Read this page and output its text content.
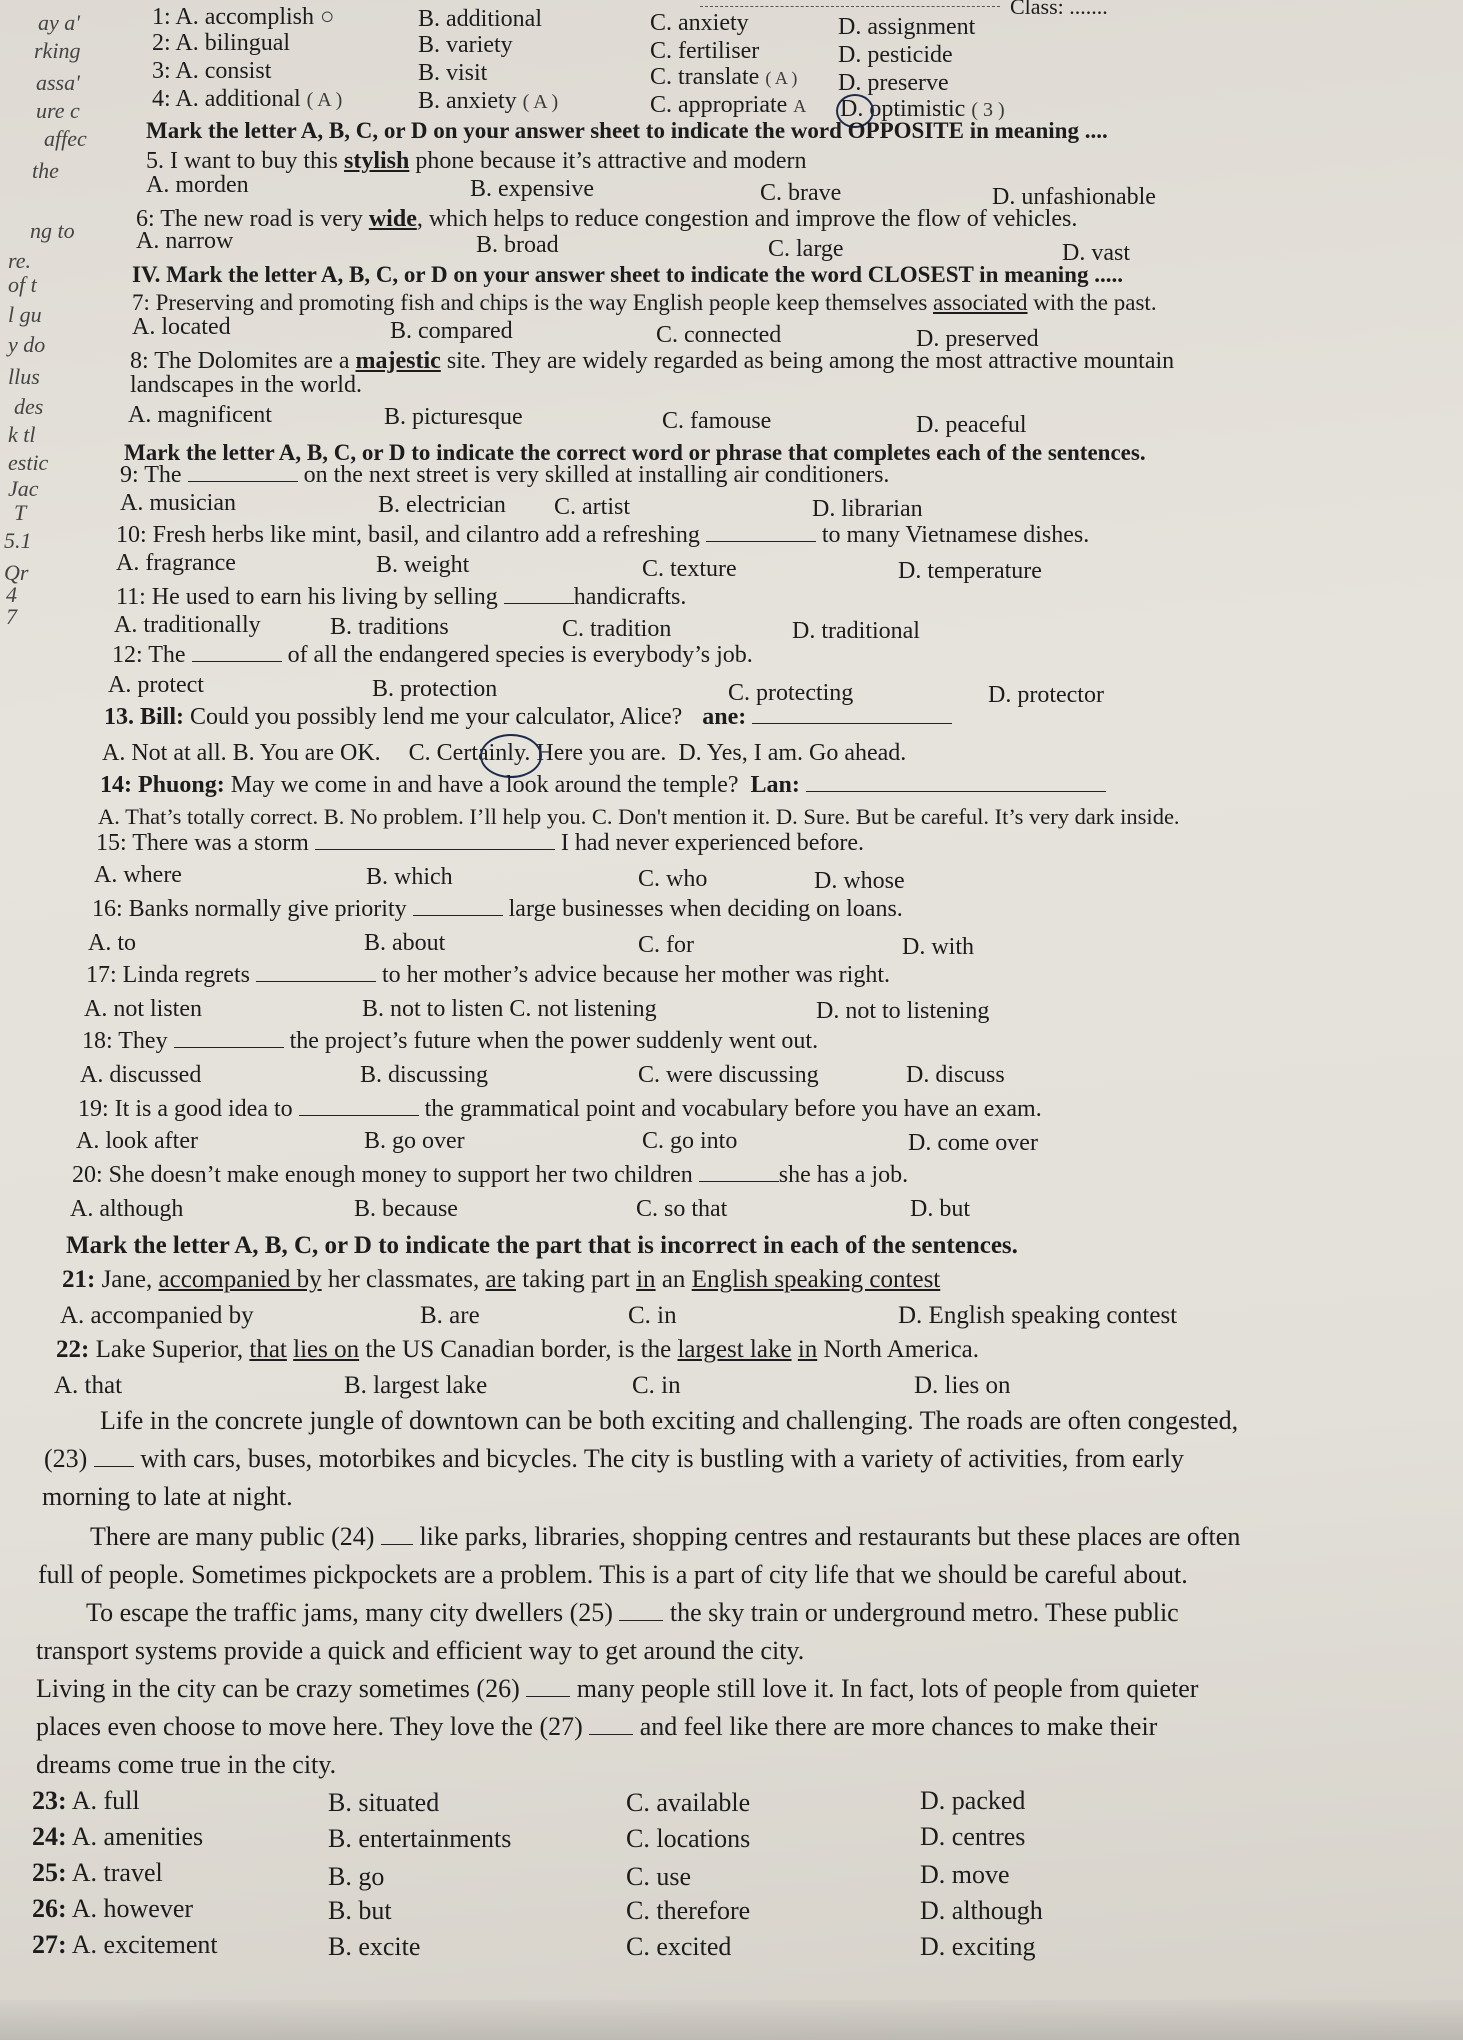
ay a'
rking
assa'
ure c
affec
the
ng to
re.
of t
l gu
y do
llus
des
k tl
estic
Jac
T
5.1
Qr
4
7
Class: .......
1: A. accomplish ○	B. additional	C. anxiety	D. assignment
2: A. bilingual	B. variety	C. fertiliser	D. pesticide
3: A. consist	B. visit	C. translate ( A ) D. preserve
4: A. additional ( A )	B. anxiety ( A )	C. appropriate A D. optimistic ( 3 )
Mark the letter A, B, C, or D on your answer sheet to indicate the word OPPOSITE in meaning ....
5. I want to buy this stylish phone because it’s attractive and modern
A. morden	B. expensive	C. brave	D. unfashionable
6: The new road is very wide, which helps to reduce congestion and improve the flow of vehicles.
A. narrow	B. broad	C. large	D. vast
IV. Mark the letter A, B, C, or D on your answer sheet to indicate the word CLOSEST in meaning .....
7: Preserving and promoting fish and chips is the way English people keep themselves associated with the past.
A. located	B. compared	C. connected	D. preserved
8: The Dolomites are a majestic site. They are widely regarded as being among the most attractive mountain
landscapes in the world.
A. magnificent	B. picturesque	C. famouse	D. peaceful
Mark the letter A, B, C, or D to indicate the correct word or phrase that completes each of the sentences.
9: The	on the next street is very skilled at installing air conditioners.
A. musician	B. electrician C. artist	D. librarian
10: Fresh herbs like mint, basil, and cilantro add a refreshing	to many Vietnamese dishes.
A. fragrance	B. weight	C. texture	D. temperature
11: He used to earn his living by selling	handicrafts.
A. traditionally	B. traditions	C. tradition	D. traditional
12: The	of all the endangered species is everybody’s job.
A. protect	B. protection	C. protecting	D. protector
13. Bill: Could you possibly lend me your calculator, Alice? ane:
A. Not at all. B. You are OK. C. Certainly. Here you are. D. Yes, I am. Go ahead.
14: Phuong: May we come in and have a look around the temple? Lan:
A. That’s totally correct. B. No problem. I’ll help you. C. Don't mention it. D. Sure. But be careful. It’s very dark inside.
15: There was a storm	I had never experienced before.
A. where	B. which	C. who	D. whose
16: Banks normally give priority	large businesses when deciding on loans.
A. to	B. about	C. for	D. with
17: Linda regrets	to her mother’s advice because her mother was right.
A. not listen	B. not to listen C. not listening	D. not to listening
18: They	the project’s future when the power suddenly went out.
A. discussed	B. discussing	C. were discussing	D. discuss
19: It is a good idea to	the grammatical point and vocabulary before you have an exam.
A. look after	B. go over	C. go into	D. come over
20: She doesn’t make enough money to support her two children	she has a job.
A. although	B. because	C. so that	D. but
Mark the letter A, B, C, or D to indicate the part that is incorrect in each of the sentences.
21: Jane, accompanied by her classmates, are taking part in an English speaking contest
A. accompanied by	B. are	C. in	D. English speaking contest
22: Lake Superior, that lies on the US Canadian border, is the largest lake in North America.
A. that	B. largest lake	C. in	D. lies on
Life in the concrete jungle of downtown can be both exciting and challenging. The roads are often congested,
(23) with cars, buses, motorbikes and bicycles. The city is bustling with a variety of activities, from early
morning to late at night.
There are many public (24) like parks, libraries, shopping centres and restaurants but these places are often
full of people. Sometimes pickpockets are a problem. This is a part of city life that we should be careful about.
To escape the traffic jams, many city dwellers (25) the sky train or underground metro. These public
transport systems provide a quick and efficient way to get around the city.
Living in the city can be crazy sometimes (26) many people still love it. In fact, lots of people from quieter
places even choose to move here. They love the (27) and feel like there are more chances to make their
dreams come true in the city.
23: A. full	B. situated	C. available	D. packed
24: A. amenities	B. entertainments	C. locations	D. centres
25: A. travel	B. go	C. use	D. move
26: A. however	B. but	C. therefore	D. although
27: A. excitement	B. excite	C. excited	D. exciting
